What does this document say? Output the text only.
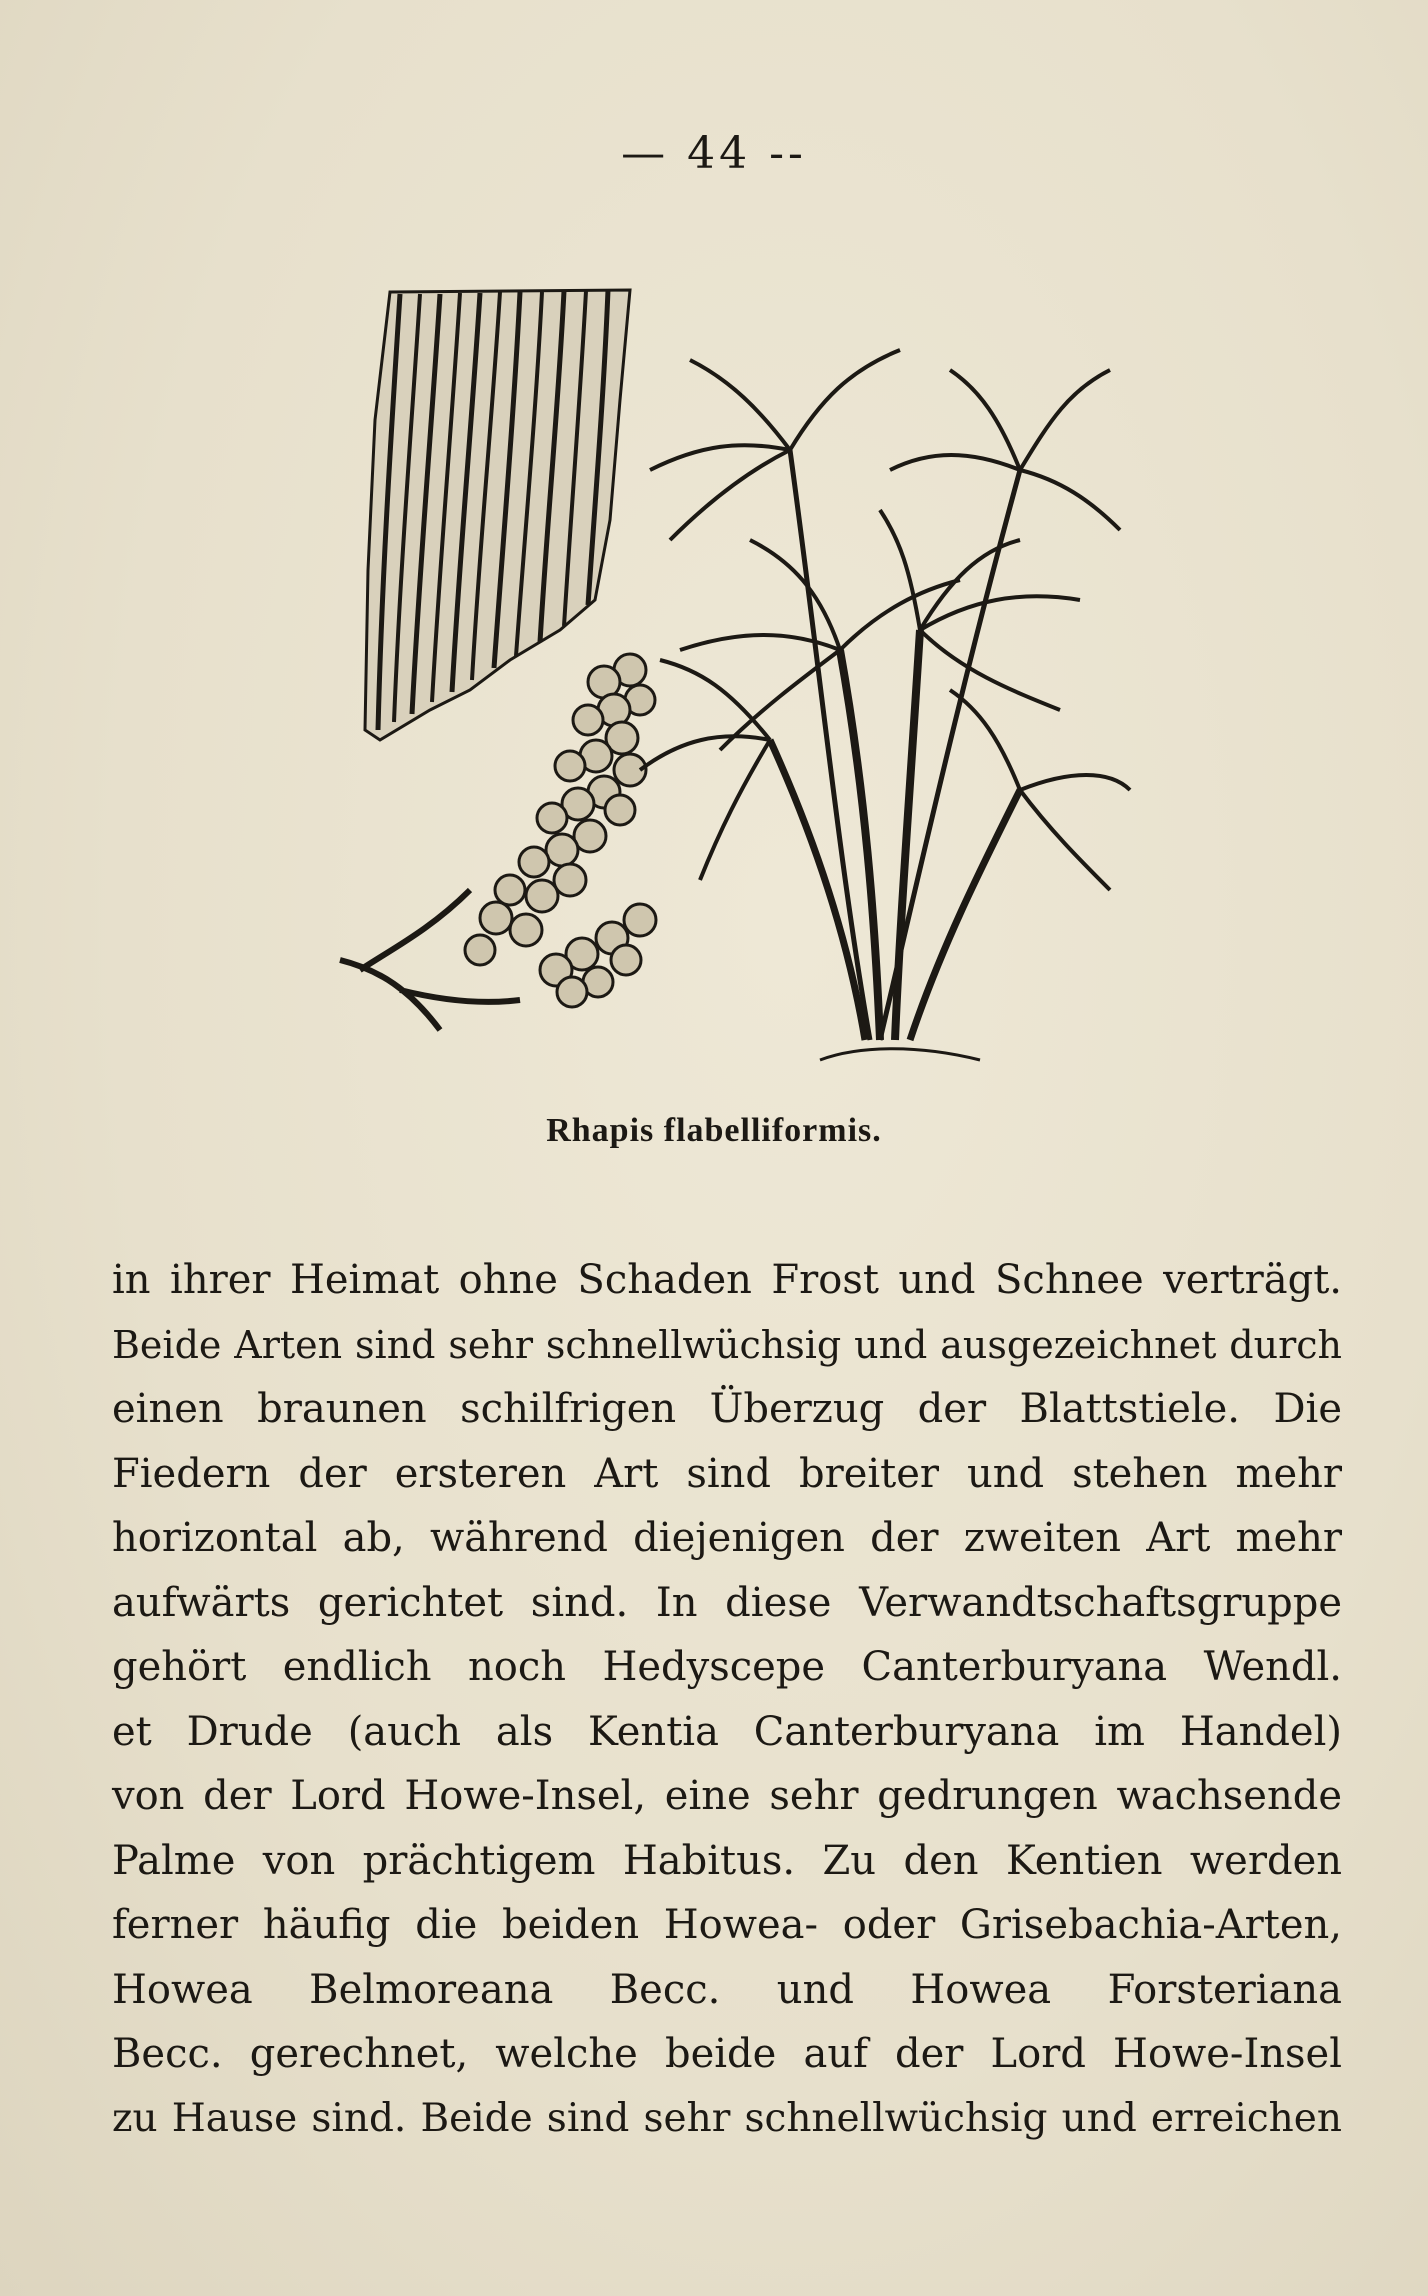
— 44 --
Rhapis flabelliformis.
in ihrer Heimat ohne Schaden Frost und Schnee verträgt.
Beide Arten sind sehr schnellwüchsig und ausgezeichnet durch
einen braunen schilfrigen Überzug der Blattstiele. Die
Fiedern der ersteren Art sind breiter und stehen mehr
horizontal ab, während diejenigen der zweiten Art mehr
aufwärts gerichtet sind. In diese Verwandtschaftsgruppe
gehört endlich noch Hedyscepe Canterburyana Wendl.
et Drude (auch als Kentia Canterburyana im Handel)
von der Lord Howe-Insel, eine sehr gedrungen wachsende
Palme von prächtigem Habitus. Zu den Kentien werden
ferner häufig die beiden Howea- oder Grisebachia-Arten,
Howea Belmoreana Becc. und Howea Forsteriana
Becc. gerechnet, welche beide auf der Lord Howe-Insel
zu Hause sind. Beide sind sehr schnellwüchsig und erreichen
